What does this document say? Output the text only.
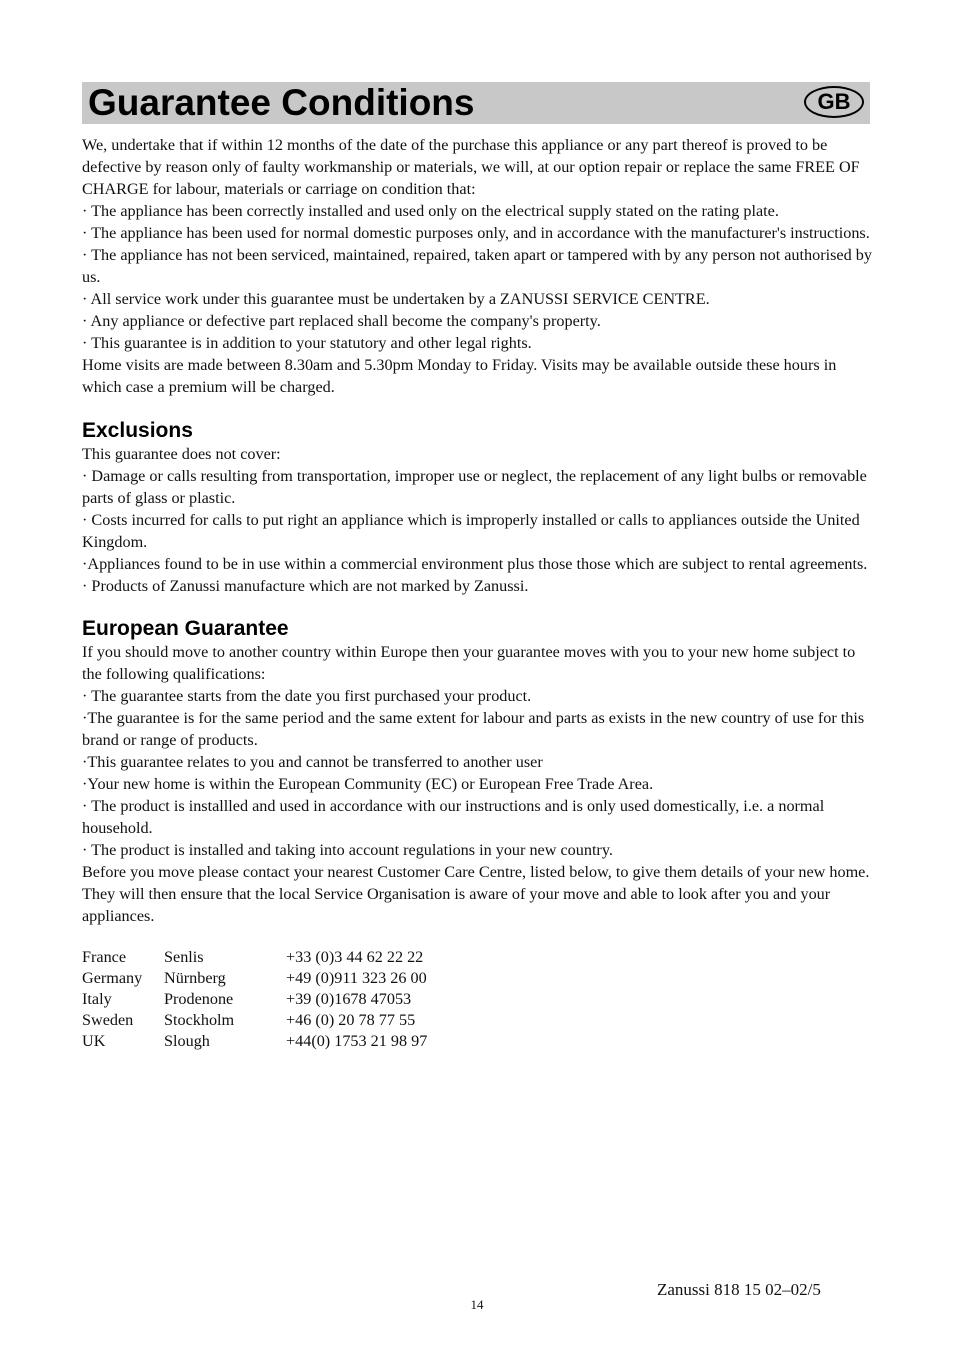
Guarantee Conditions	GB

We, undertake that if within 12 months of the date of the purchase this appliance or any part thereof is proved to be defective by reason only of faulty workmanship or materials, we will, at our option repair or replace the same FREE OF CHARGE for labour, materials or carriage on condition that:

· The appliance has been correctly installed and used only on the electrical supply stated on the rating plate.

· The appliance has been used for normal domestic purposes only, and in accordance with the manufacturer's instructions.

· The appliance has not been serviced, maintained, repaired, taken apart or tampered with by any person not authorised by us.

· All service work under this guarantee must be undertaken by a ZANUSSI SERVICE CENTRE.

· Any appliance or defective part replaced shall become the company's property.

· This guarantee is in addition to your statutory and other legal rights.

Home visits are made between 8.30am and 5.30pm Monday to Friday. Visits may be available outside these hours in which case a premium will be charged.

Exclusions

This guarantee does not cover:

· Damage or calls resulting from transportation, improper use or neglect, the replacement of any light bulbs or removable parts of glass or plastic.

· Costs incurred for calls to put right an appliance which is improperly installed or calls to appliances outside the United Kingdom.

·Appliances found to be in use within a commercial environment plus those those which are subject to rental agreements.

· Products of Zanussi manufacture which are not marked by Zanussi.

European Guarantee

If you should move to another country within Europe then your guarantee moves with you to your new home subject to the following qualifications:

· The guarantee starts from the date you first purchased your product.

·The guarantee is for the same period and the same extent for labour and parts as exists in the new country of use for this brand or range of products.

·This guarantee relates to you and cannot be transferred to another user

·Your new home is within the European Community (EC) or European Free Trade Area.

· The product is installled and used in accordance with our instructions and is only used domestically, i.e. a normal household.

· The product is installed and taking into account regulations in your new country.

Before you move please contact your nearest Customer Care Centre, listed below, to give them details of your new home. They will then ensure that the local Service Organisation is aware of your move and able to look after you and your appliances.

France	Senlis	+33 (0)3 44 62 22 22
Germany	Nürnberg	+49 (0)911 323 26 00
Italy	Prodenone	+39 (0)1678 47053
Sweden	Stockholm	+46 (0) 20 78 77 55
UK	Slough	+44(0) 1753 21 98 97
Zanussi 818 15 02–02/5
14
